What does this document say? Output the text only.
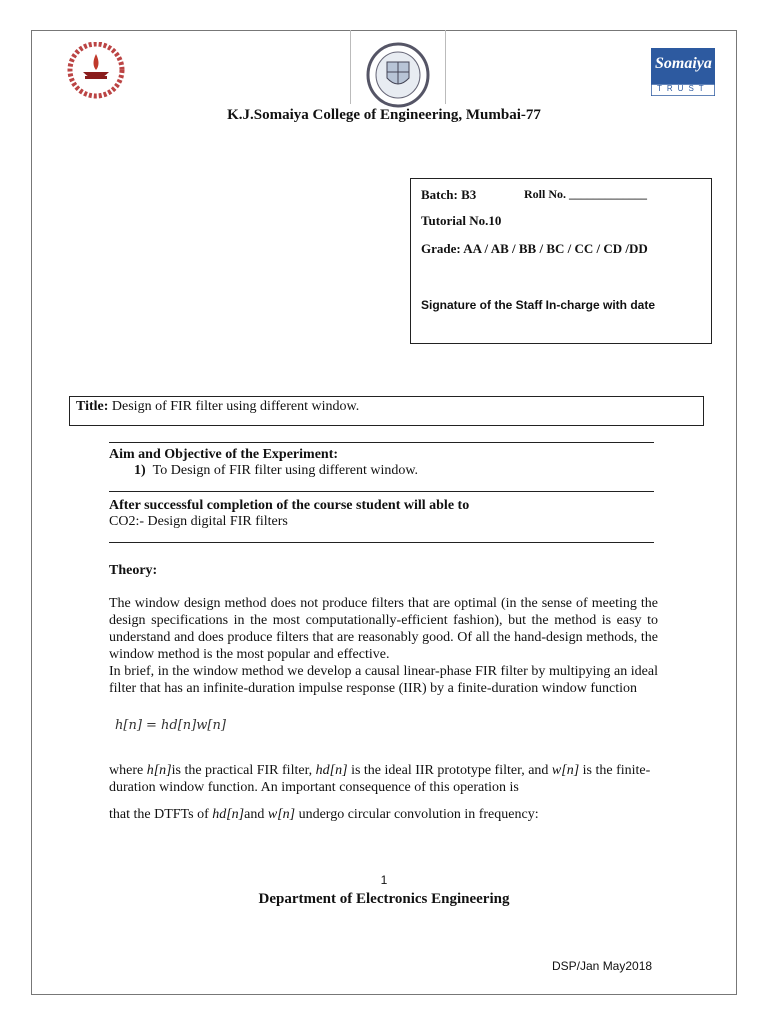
Somaiya
TRUST
K.J.Somaiya College of Engineering, Mumbai-77
Batch: B3	Roll No. _____________
Tutorial No.10
Grade: AA / AB / BB / BC / CC / CD /DD
Signature of the Staff In-charge with date
Title: Design of FIR filter using different window.
Aim and Objective of the Experiment:
1) To Design of FIR filter using different window.
After successful completion of the course student will able to
CO2:- Design digital FIR filters
Theory:

The window design method does not produce filters that are optimal (in the sense of meeting the design specifications in the most computationally-efficient fashion), but the method is easy to understand and does produce filters that are reasonably good. Of all the hand-design methods, the window method is the most popular and effective.

In brief, in the window method we develop a causal linear-phase FIR filter by multipying an ideal filter that has an infinite-duration impulse response (IIR) by a finite-duration window function

h[n] = hd[n]w[n]
where h[n]is the practical FIR filter, hd[n] is the ideal IIR prototype filter, and w[n] is the finite-duration window function. An important consequence of this operation is
that the DTFTs of hd[n]and w[n] undergo circular convolution in frequency:
1
Department of Electronics Engineering
DSP/Jan May2018
